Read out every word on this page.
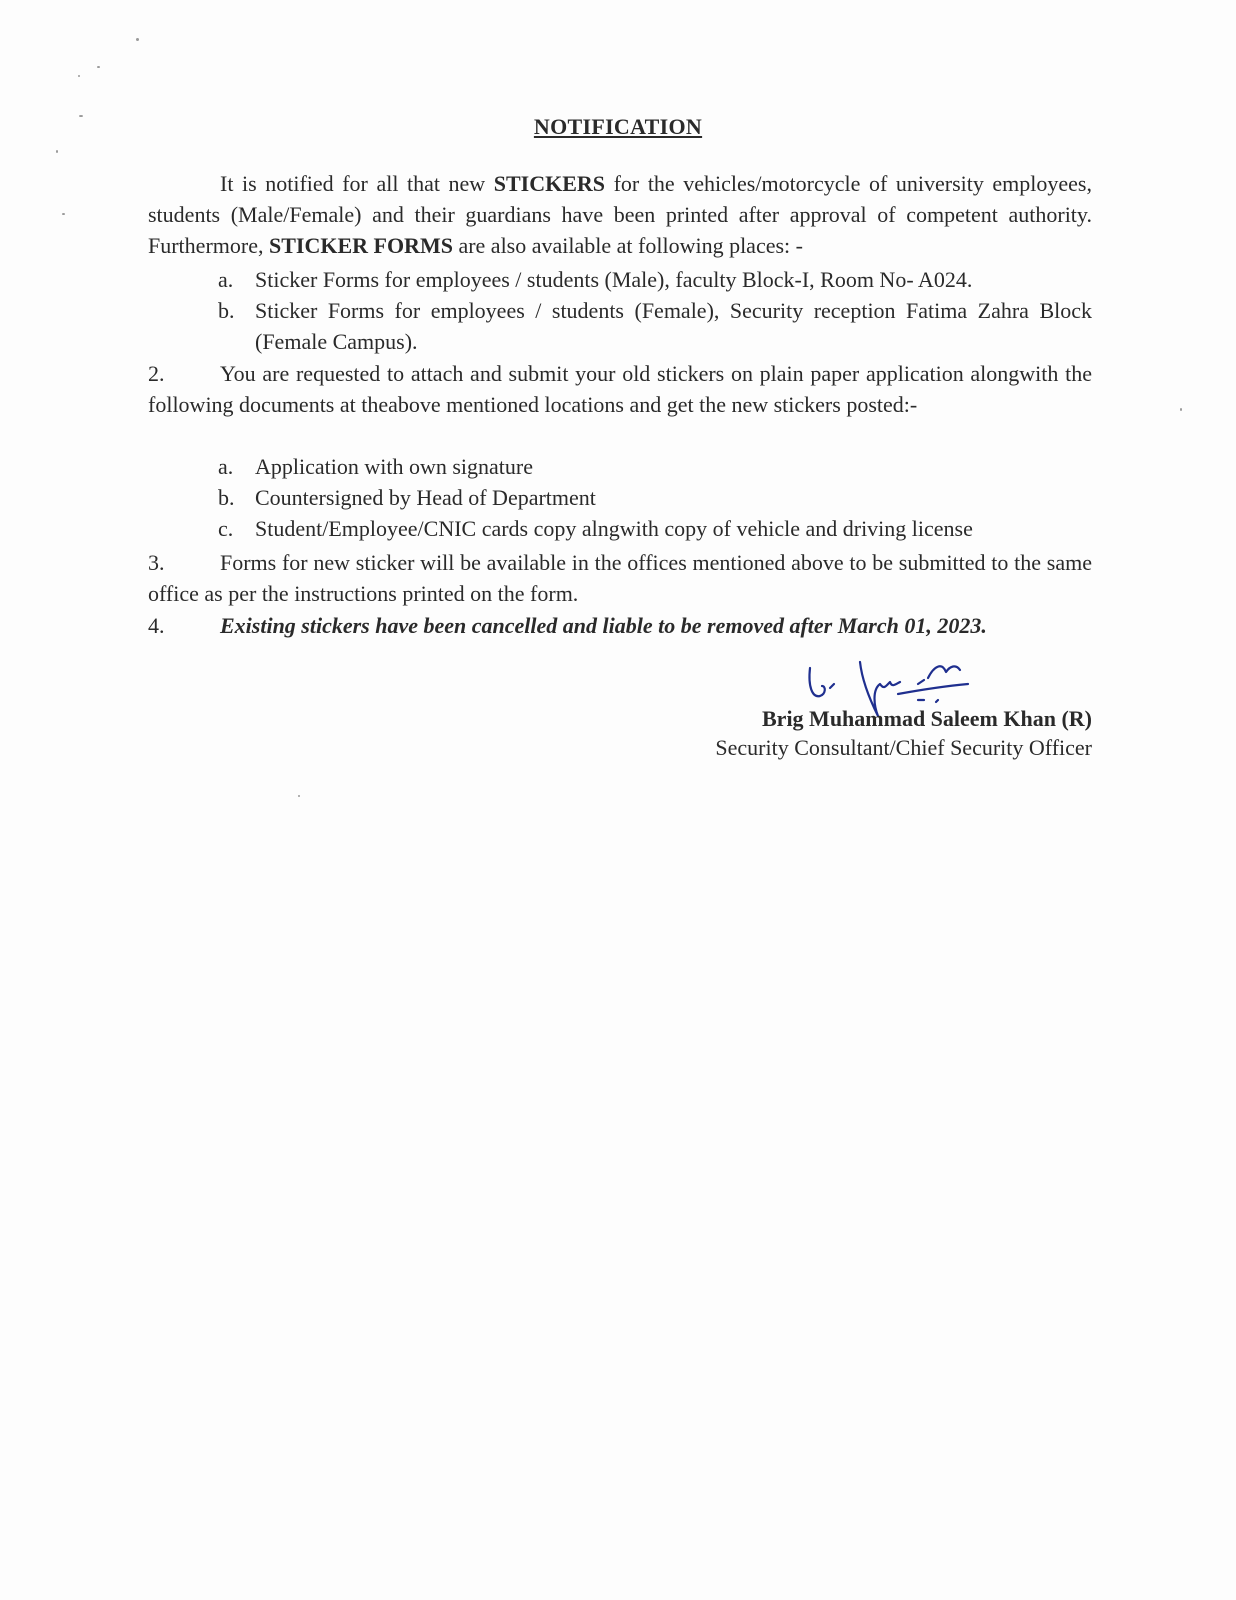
NOTIFICATION
It is notified for all that new STICKERS for the vehicles/motorcycle of university employees, students (Male/Female) and their guardians have been printed after approval of competent authority. Furthermore, STICKER FORMS are also available at following places: -
a. Sticker Forms for employees / students (Male), faculty Block-I, Room No- A024.
b. Sticker Forms for employees / students (Female), Security reception Fatima Zahra Block (Female Campus).
2.	You are requested to attach and submit your old stickers on plain paper application alongwith the following documents at theabove mentioned locations and get the new stickers posted:-
a. Application with own signature
b. Countersigned by Head of Department
c. Student/Employee/CNIC cards copy alngwith copy of vehicle and driving license
3.	Forms for new sticker will be available in the offices mentioned above to be submitted to the same office as per the instructions printed on the form.
4.	Existing stickers have been cancelled and liable to be removed after March 01, 2023.
Brig Muhammad Saleem Khan (R)
Security Consultant/Chief Security Officer
